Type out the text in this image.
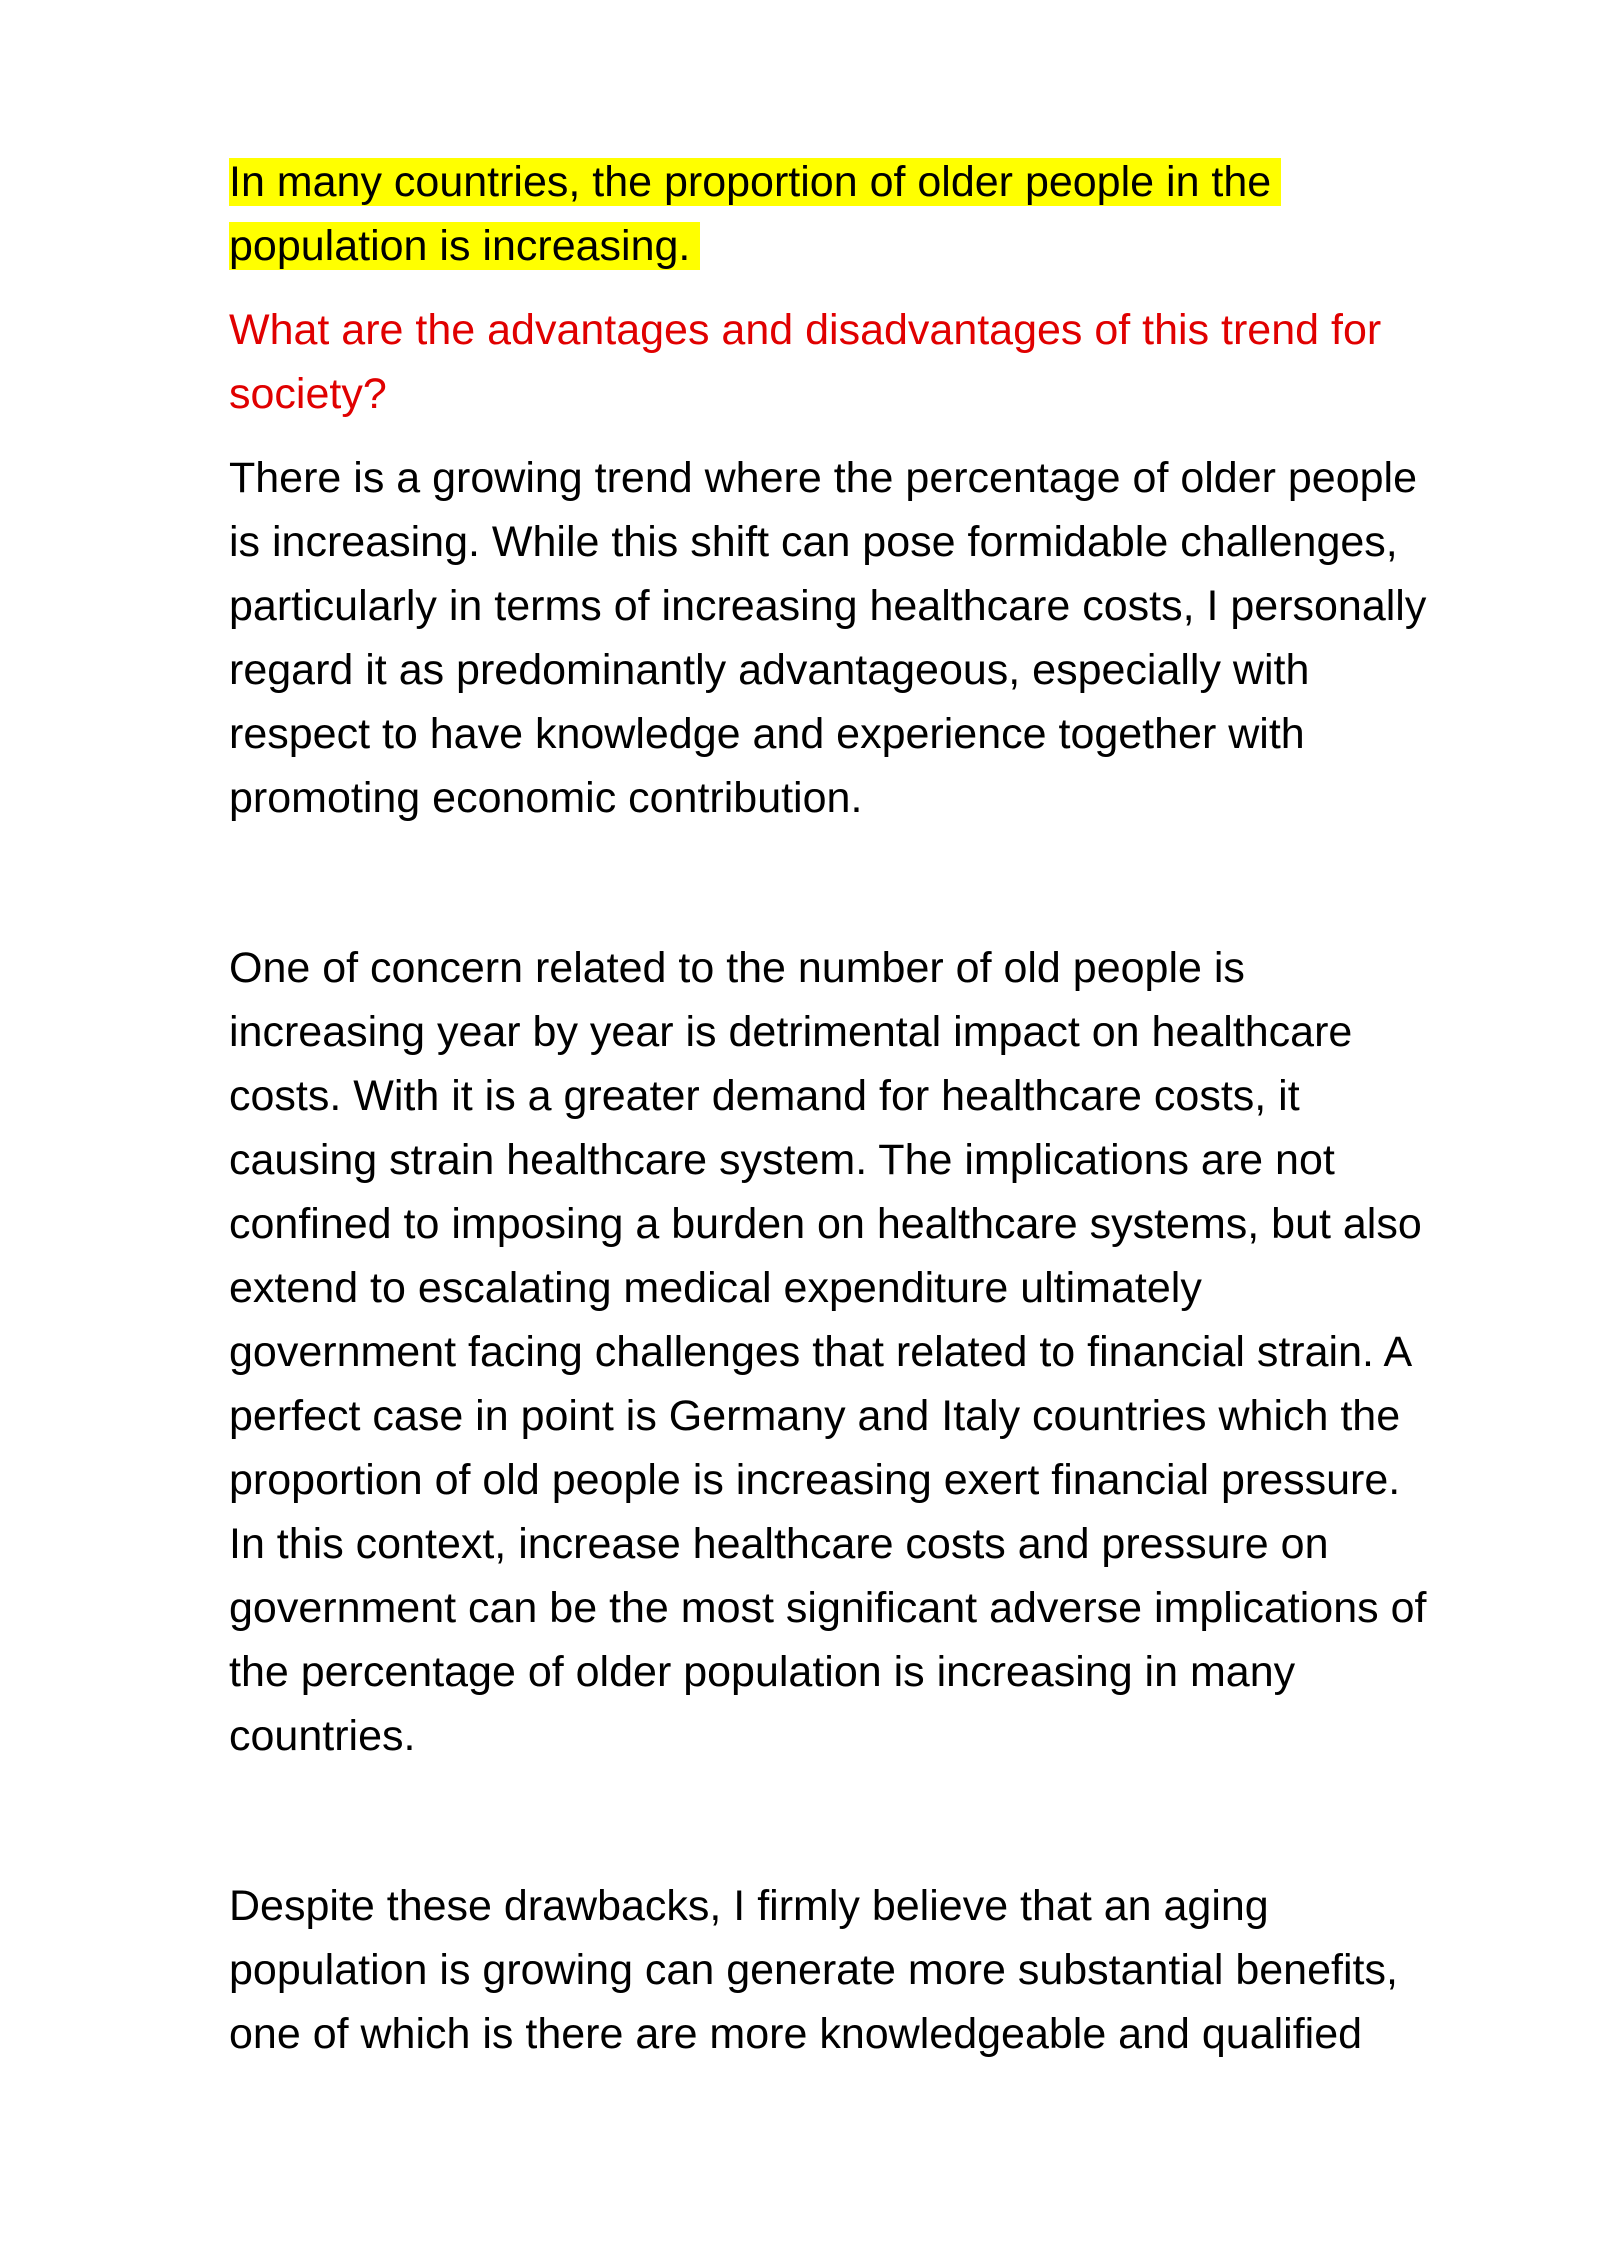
In many countries, the proportion of older people in the
population is increasing.
What are the advantages and disadvantages of this trend for
society?
There is a growing trend where the percentage of older people
is increasing. While this shift can pose formidable challenges,
particularly in terms of increasing healthcare costs, I personally
regard it as predominantly advantageous, especially with
respect to have knowledge and experience together with
promoting economic contribution.
One of concern related to the number of old people is
increasing year by year is detrimental impact on healthcare
costs. With it is a greater demand for healthcare costs, it
causing strain healthcare system. The implications are not
confined to imposing a burden on healthcare systems, but also
extend to escalating medical expenditure ultimately
government facing challenges that related to financial strain. A
perfect case in point is Germany and Italy countries which the
proportion of old people is increasing exert financial pressure.
In this context, increase healthcare costs and pressure on
government can be the most significant adverse implications of
the percentage of older population is increasing in many
countries.
Despite these drawbacks, I firmly believe that an aging
population is growing can generate more substantial benefits,
one of which is there are more knowledgeable and qualified
